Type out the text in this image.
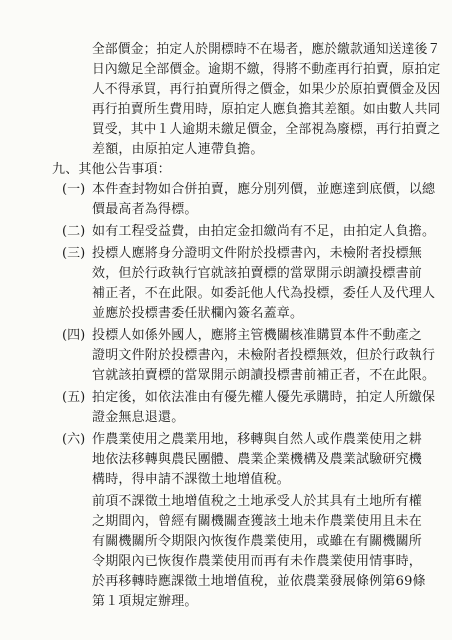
全部價金；拍定人於開標時不在場者，應於繳款通知送達後７
日內繳足全部價金。逾期不繳，得將不動產再行拍賣，原拍定
人不得承買，再行拍賣所得之價金，如果少於原拍賣價金及因
再行拍賣所生費用時，原拍定人應負擔其差額。如由數人共同
買受，其中１人逾期未繳足價金，全部視為廢標，再行拍賣之
差額，由原拍定人連帶負擔。
九、其他公告事項：
(一) 本件查封物如合併拍賣，應分別列價，並應達到底價，以總
價最高者為得標。
(二) 如有工程受益費，由拍定金扣繳尚有不足，由拍定人負擔。
(三) 投標人應將身分證明文件附於投標書內，未檢附者投標無
效，但於行政執行官就該拍賣標的當眾開示朗讀投標書前
補正者，不在此限。如委託他人代為投標，委任人及代理人
並應於投標書委任狀欄內簽名蓋章。
(四) 投標人如係外國人，應將主管機關核准購買本件不動產之
證明文件附於投標書內，未檢附者投標無效，但於行政執行
官就該拍賣標的當眾開示朗讀投標書前補正者，不在此限。
(五) 拍定後，如依法准由有優先權人優先承購時，拍定人所繳保
證金無息退還。
(六) 作農業使用之農業用地，移轉與自然人或作農業使用之耕
地依法移轉與農民團體、農業企業機構及農業試驗研究機
構時，得申請不課徵土地增值稅。
前項不課徵土地增值稅之土地承受人於其具有土地所有權
之期間內，曾經有關機關查獲該土地未作農業使用且未在
有關機關所令期限內恢復作農業使用，或雖在有關機關所
令期限內已恢復作農業使用而再有未作農業使用情事時，
於再移轉時應課徵土地增值稅，並依農業發展條例第69條
第１項規定辦理。
